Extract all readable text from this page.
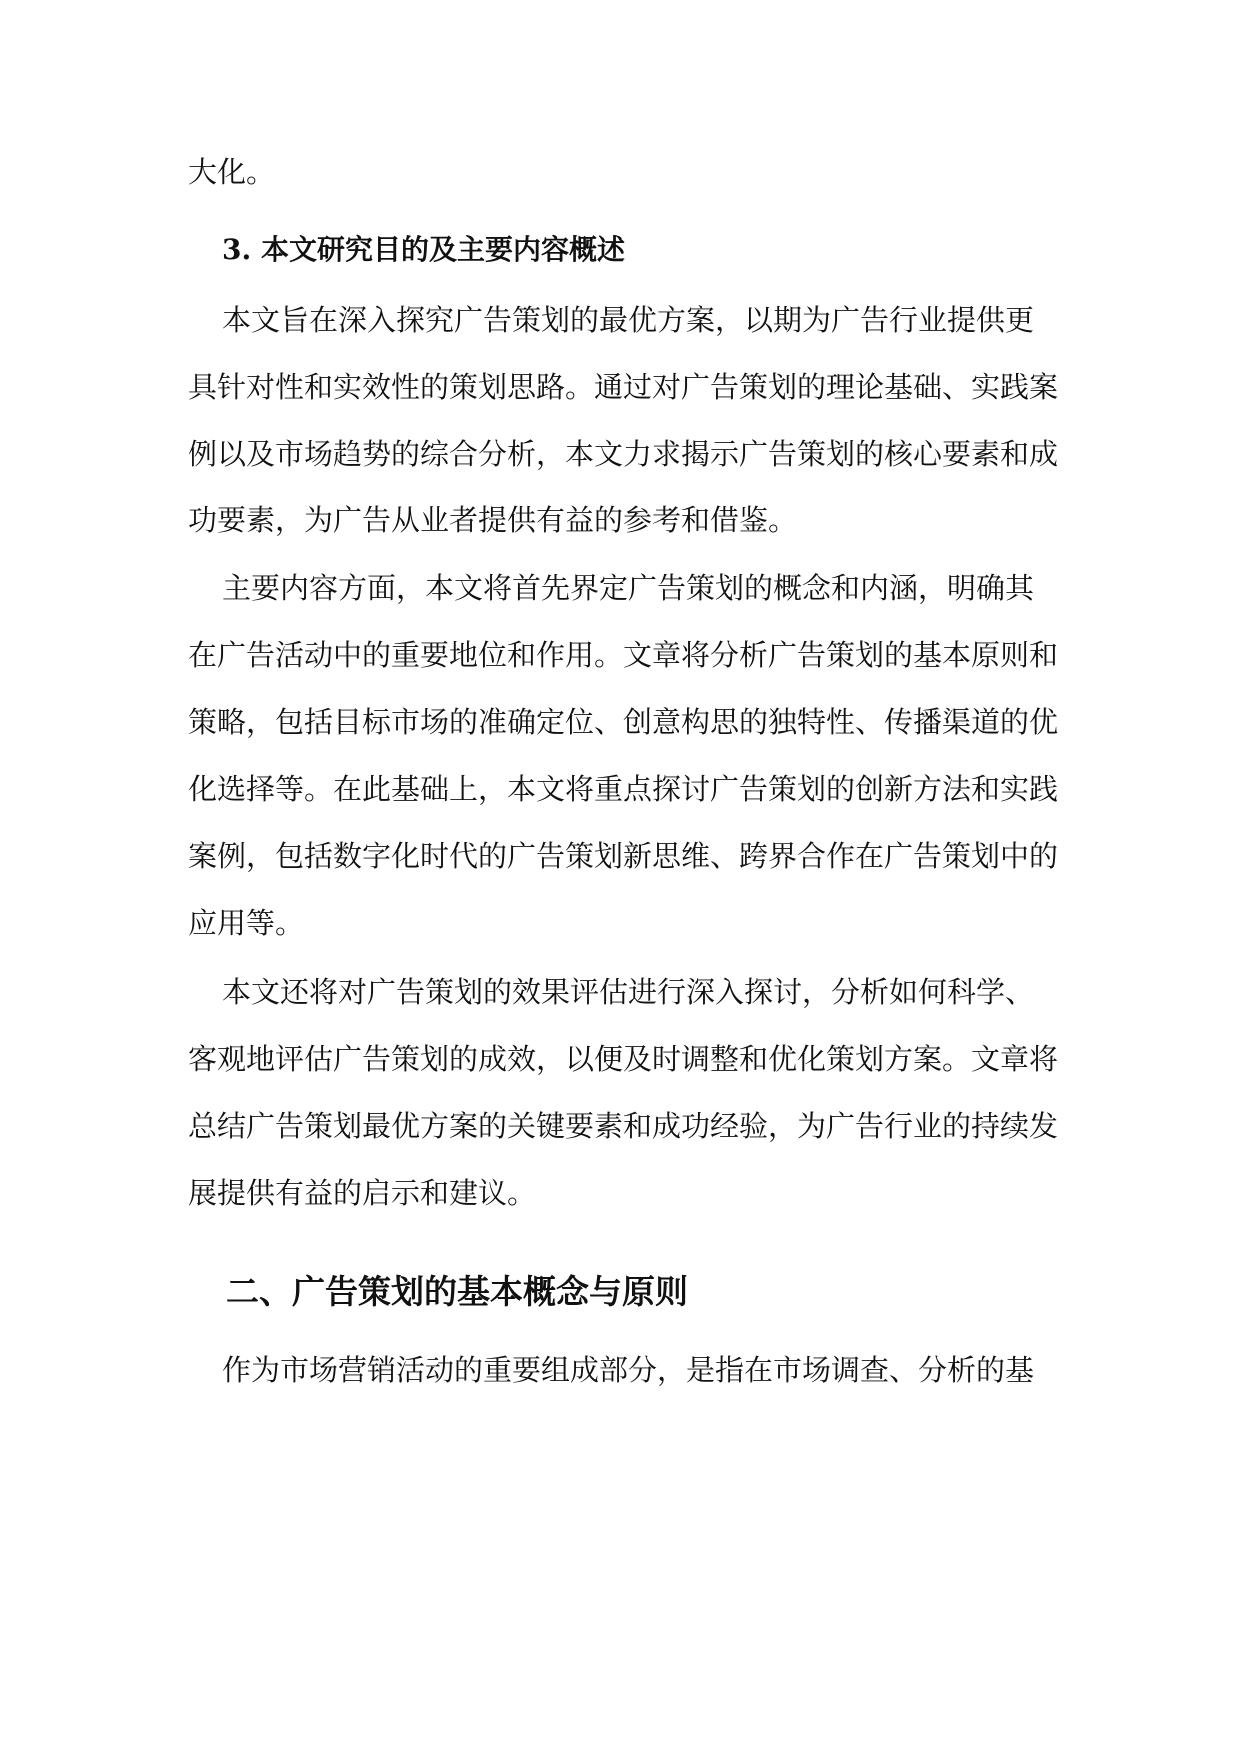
大化。
3. 本文研究目的及主要内容概述
本文旨在深入探究广告策划的最优方案，以期为广告行业提供更
具针对性和实效性的策划思路。通过对广告策划的理论基础、实践案
例以及市场趋势的综合分析，本文力求揭示广告策划的核心要素和成
功要素，为广告从业者提供有益的参考和借鉴。
主要内容方面，本文将首先界定广告策划的概念和内涵，明确其
在广告活动中的重要地位和作用。文章将分析广告策划的基本原则和
策略，包括目标市场的准确定位、创意构思的独特性、传播渠道的优
化选择等。在此基础上，本文将重点探讨广告策划的创新方法和实践
案例，包括数字化时代的广告策划新思维、跨界合作在广告策划中的
应用等。
本文还将对广告策划的效果评估进行深入探讨，分析如何科学、
客观地评估广告策划的成效，以便及时调整和优化策划方案。文章将
总结广告策划最优方案的关键要素和成功经验，为广告行业的持续发
展提供有益的启示和建议。
二、广告策划的基本概念与原则
作为市场营销活动的重要组成部分，是指在市场调查、分析的基
